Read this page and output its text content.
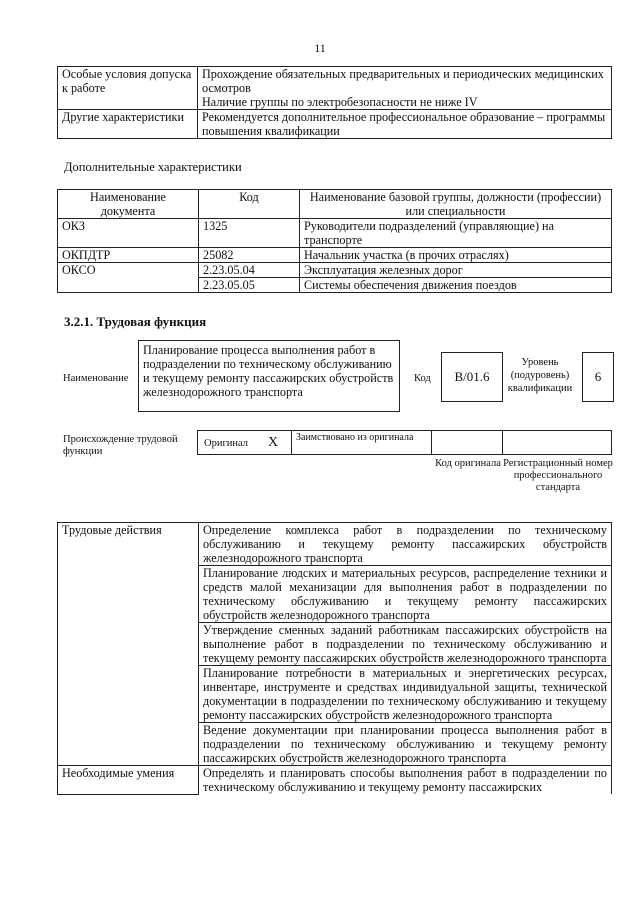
11
Особые условия допуска к работе	Прохождение обязательных предварительных и периодических медицинских осмотров
Наличие группы по электробезопасности не ниже IV

Другие характеристики	Рекомендуется дополнительное профессиональное образование – программы повышения квалификации
Дополнительные характеристики
Наименование документа	Код	Наименование базовой группы, должности (профессии) или специальности
ОКЗ	1325	Руководители подразделений (управляющие) на транспорте
ОКПДТР	25082	Начальник участка (в прочих отраслях)
ОКСО	2.23.05.04	Эксплуатация железных дорог
	2.23.05.05	Системы обеспечения движения поездов
3.2.1. Трудовая функция
Наименование
Планирование процесса выполнения работ в подразделении по техническому обслуживанию и текущему ремонту пассажирских обустройств железнодорожного транспорта
Код	В/01.6
Уровень (подуровень) квалификации
6
Происхождение трудовой функции
Оригинал X	Заимствовано из оригинала
Код оригинала Регистрационный номер профессионального стандарта
Трудовые действия	Определение комплекса работ в подразделении по техническому обслуживанию и текущему ремонту пассажирских обустройств железнодорожного транспорта
	Планирование людских и материальных ресурсов, распределение техники и средств малой механизации для выполнения работ в подразделении по техническому обслуживанию и текущему ремонту пассажирских обустройств железнодорожного транспорта
	Утверждение сменных заданий работникам пассажирских обустройств на выполнение работ в подразделении по техническому обслуживанию и текущему ремонту пассажирских обустройств железнодорожного транспорта
	Планирование потребности в материальных и энергетических ресурсах, инвентаре, инструменте и средствах индивидуальной защиты, технической документации в подразделении по техническому обслуживанию и текущему ремонту пассажирских обустройств железнодорожного транспорта
	Ведение документации при планировании процесса выполнения работ в подразделении по техническому обслуживанию и текущему ремонту пассажирских обустройств железнодорожного транспорта
Необходимые умения	Определять и планировать способы выполнения работ в подразделении по техническому обслуживанию и текущему ремонту пассажирских
